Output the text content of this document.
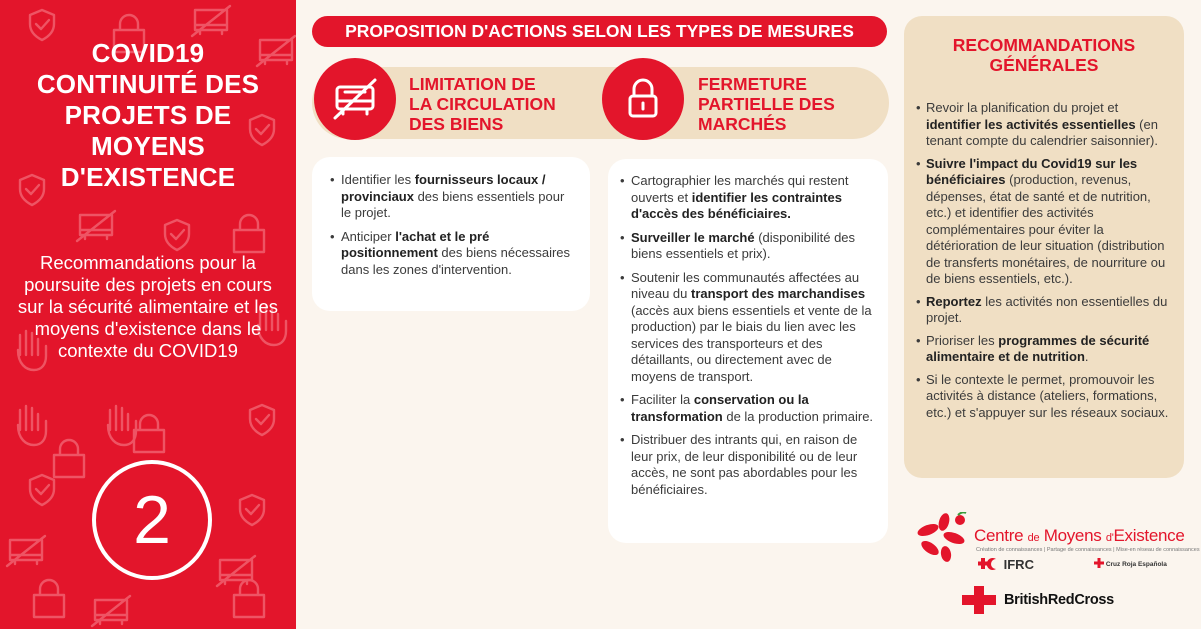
COVID19 CONTINUITÉ DES PROJETS DE MOYENS D'EXISTENCE
Recommandations pour la poursuite des projets en cours sur la sécurité alimentaire et les moyens d'existence dans le contexte du COVID19
2
PROPOSITION D'ACTIONS SELON LES TYPES DE MESURES
LIMITATION DE
LA CIRCULATION
DES BIENS
FERMETURE
PARTIELLE DES
MARCHÉS
• Identifier les fournisseurs locaux / provinciaux des biens essentiels pour le projet.
• Anticiper l'achat et le pré positionnement des biens nécessaires dans les zones d'intervention.
• Cartographier les marchés qui restent ouverts et identifier les contraintes d'accès des bénéficiaires.
• Surveiller le marché (disponibilité des biens essentiels et prix).
• Soutenir les communautés affectées au niveau du transport des marchandises (accès aux biens essentiels et vente de la production) par le biais du lien avec les services des transporteurs et des détaillants, ou directement avec de moyens de transport.
• Faciliter la conservation ou la transformation de la production primaire.
• Distribuer des intrants qui, en raison de leur prix, de leur disponibilité ou de leur accès, ne sont pas abordables pour les bénéficiaires.
RECOMMANDATIONS
GÉNÉRALES
• Revoir la planification du projet et identifier les activités essentielles (en tenant compte du calendrier saisonnier).
• Suivre l'impact du Covid19 sur les bénéficiaires (production, revenus, dépenses, état de santé et de nutrition, etc.) et identifier des activités complémentaires pour éviter la détérioration de leur situation (distribution de transferts monétaires, de nourriture ou de biens essentiels, etc.).
• Reportez les activités non essentielles du projet.
• Prioriser les programmes de sécurité alimentaire et de nutrition.
• Si le contexte le permet, promouvoir les activités à distance (ateliers, formations, etc.) et s'appuyer sur les réseaux sociaux.
Centre de Moyens d'Existence
Création de connaissances | Partage de connaissances | Mise-en réseau de connaissances
IFRC	Cruz Roja Española
BritishRedCross
